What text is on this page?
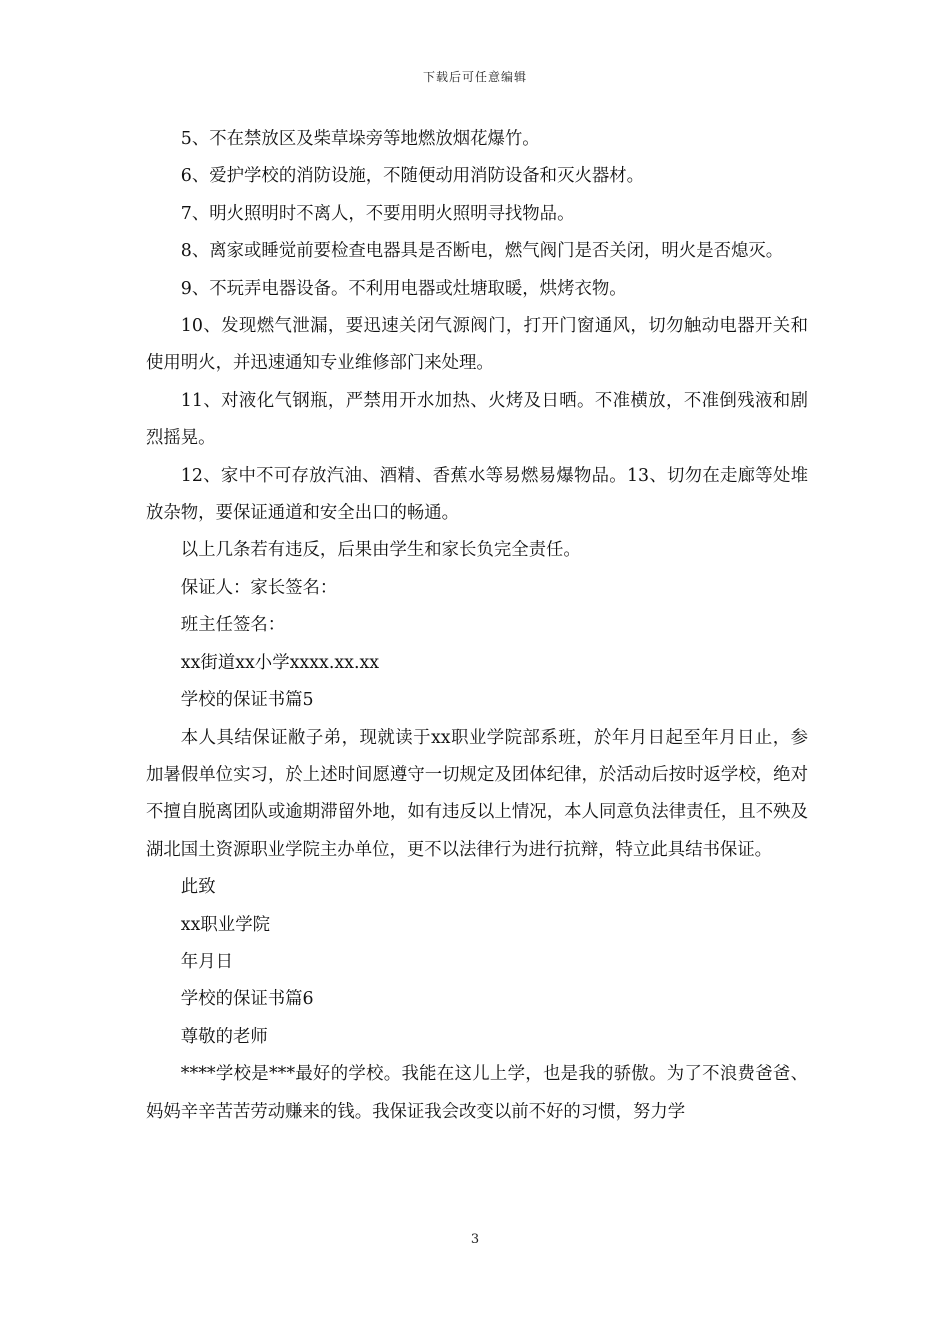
下载后可任意编辑

5、不在禁放区及柴草垛旁等地燃放烟花爆竹。

6、爱护学校的消防设施，不随便动用消防设备和灭火器材。

7、明火照明时不离人，不要用明火照明寻找物品。

8、离家或睡觉前要检查电器具是否断电，燃气阀门是否关闭，明火是否熄灭。

9、不玩弄电器设备。不利用电器或灶塘取暖，烘烤衣物。

10、发现燃气泄漏，要迅速关闭气源阀门，打开门窗通风，切勿触动电器开关和使用明火，并迅速通知专业维修部门来处理。

11、对液化气钢瓶，严禁用开水加热、火烤及日晒。不准横放，不准倒残液和剧烈摇晃。

12、家中不可存放汽油、酒精、香蕉水等易燃易爆物品。13、切勿在走廊等处堆放杂物，要保证通道和安全出口的畅通。

以上几条若有违反，后果由学生和家长负完全责任。

保证人：家长签名：

班主任签名：

xx街道xx小学xxxx.xx.xx

学校的保证书篇5

本人具结保证敝子弟，现就读于xx职业学院部系班，於年月日起至年月日止，参加暑假单位实习，於上述时间愿遵守一切规定及团体纪律，於活动后按时返学校，绝对不擅自脱离团队或逾期滞留外地，如有违反以上情况，本人同意负法律责任，且不殃及湖北国土资源职业学院主办单位，更不以法律行为进行抗辩，特立此具结书保证。

此致

xx职业学院

年月日

学校的保证书篇6

尊敬的老师

****学校是***最好的学校。我能在这儿上学，也是我的骄傲。为了不浪费爸爸、妈妈辛辛苦苦劳动赚来的钱。我保证我会改变以前不好的习惯，努力学

3
